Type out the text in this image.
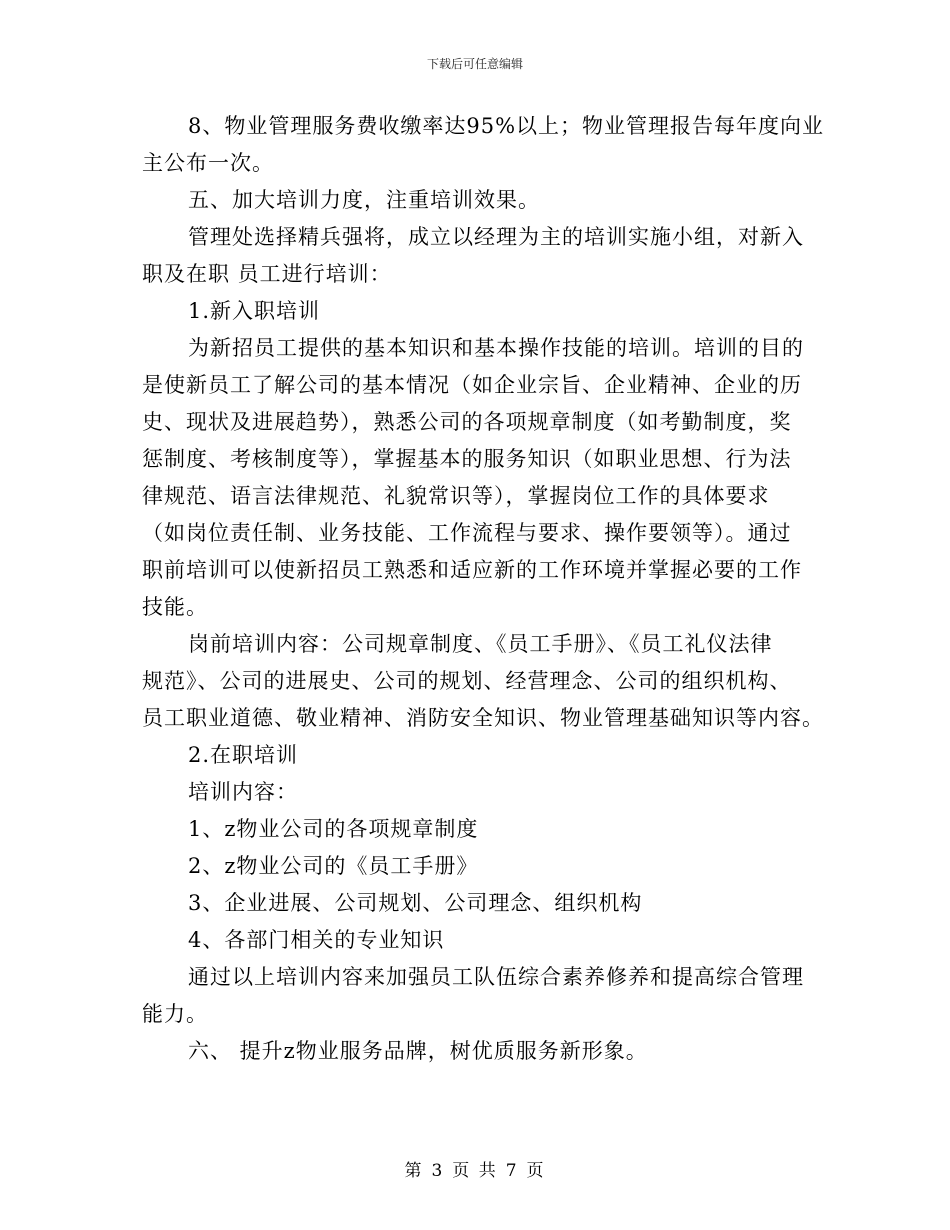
下载后可任意编辑

8、物业管理服务费收缴率达95%以上；物业管理报告每年度向业

主公布一次。

五、加大培训力度，注重培训效果。

管理处选择精兵强将，成立以经理为主的培训实施小组，对新入

职及在职 员工进行培训：

1.新入职培训

为新招员工提供的基本知识和基本操作技能的培训。培训的目的

是使新员工了解公司的基本情况（如企业宗旨、企业精神、企业的历

史、现状及进展趋势），熟悉公司的各项规章制度（如考勤制度，奖

惩制度、考核制度等），掌握基本的服务知识（如职业思想、行为法

律规范、语言法律规范、礼貌常识等），掌握岗位工作的具体要求

（如岗位责任制、业务技能、工作流程与要求、操作要领等）。通过

职前培训可以使新招员工熟悉和适应新的工作环境并掌握必要的工作

技能。

岗前培训内容：公司规章制度、《员工手册》、《员工礼仪法律

规范》、公司的进展史、公司的规划、经营理念、公司的组织机构、

员工职业道德、敬业精神、消防安全知识、物业管理基础知识等内容。

2.在职培训

培训内容：

1、z物业公司的各项规章制度

2、z物业公司的《员工手册》

3、企业进展、公司规划、公司理念、组织机构

4、各部门相关的专业知识

通过以上培训内容来加强员工队伍综合素养修养和提高综合管理

能力。

六、 提升z物业服务品牌，树优质服务新形象。

第 3 页 共 7 页
